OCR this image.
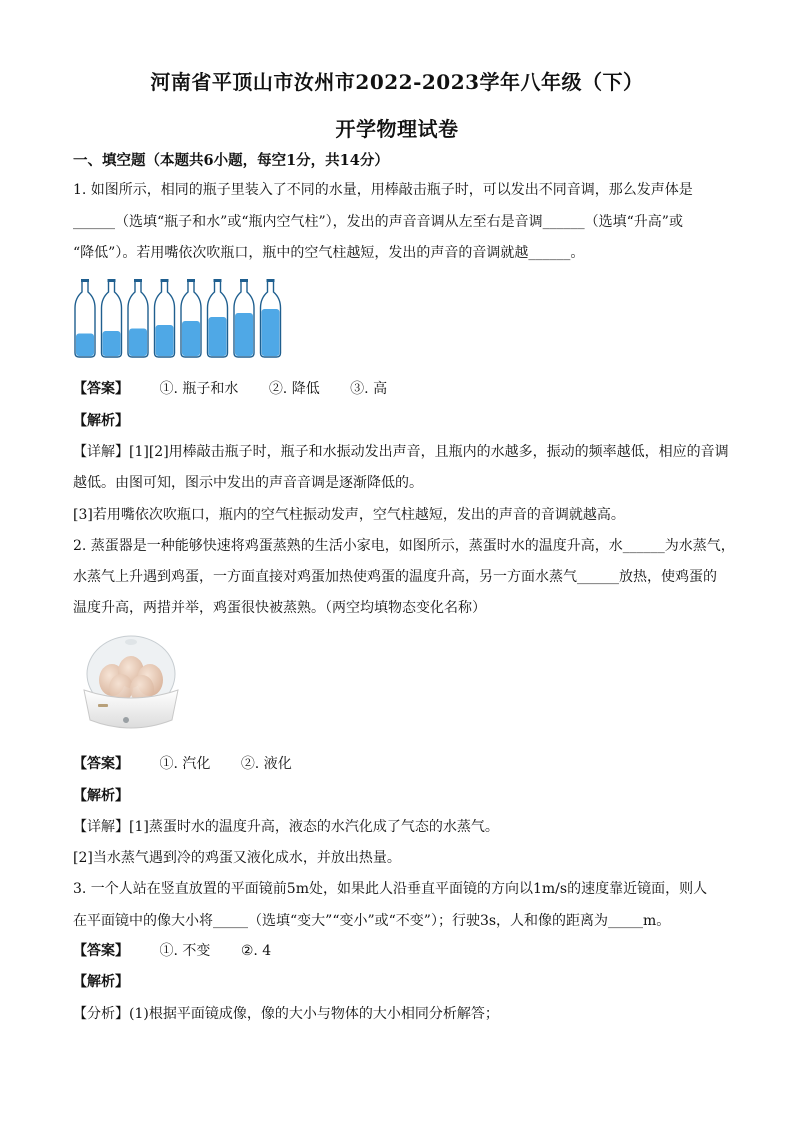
河南省平顶山市汝州市2022-2023学年八年级（下）
开学物理试卷
一、填空题（本题共6小题，每空1分，共14分）
1. 如图所示，相同的瓶子里装入了不同的水量，用棒敲击瓶子时，可以发出不同音调，那么发声体是
______（选填“瓶子和水”或“瓶内空气柱”），发出的声音音调从左至右是音调______（选填“升高”或
“降低”）。若用嘴依次吹瓶口，瓶中的空气柱越短，发出的声音的音调就越______。
【答案】 ①. 瓶子和水 ②. 降低 ③. 高
【解析】
【详解】[1][2]用棒敲击瓶子时，瓶子和水振动发出声音，且瓶内的水越多，振动的频率越低，相应的音调
越低。由图可知，图示中发出的声音音调是逐渐降低的。
[3]若用嘴依次吹瓶口，瓶内的空气柱振动发声，空气柱越短，发出的声音的音调就越高。
2. 蒸蛋器是一种能够快速将鸡蛋蒸熟的生活小家电，如图所示，蒸蛋时水的温度升高，水______为水蒸气，
水蒸气上升遇到鸡蛋，一方面直接对鸡蛋加热使鸡蛋的温度升高，另一方面水蒸气______放热，使鸡蛋的
温度升高，两措并举，鸡蛋很快被蒸熟。（两空均填物态变化名称）
【答案】 ①. 汽化 ②. 液化
【解析】
【详解】[1]蒸蛋时水的温度升高，液态的水汽化成了气态的水蒸气。
[2]当水蒸气遇到冷的鸡蛋又液化成水，并放出热量。
3. 一个人站在竖直放置的平面镜前5m处，如果此人沿垂直平面镜的方向以1m/s的速度靠近镜面，则人
在平面镜中的像大小将_____（选填“变大”“变小”或“不变”）；行驶3s，人和像的距离为_____m。
【答案】 ①. 不变 ②. 4
【解析】
【分析】(1)根据平面镜成像，像的大小与物体的大小相同分析解答；
